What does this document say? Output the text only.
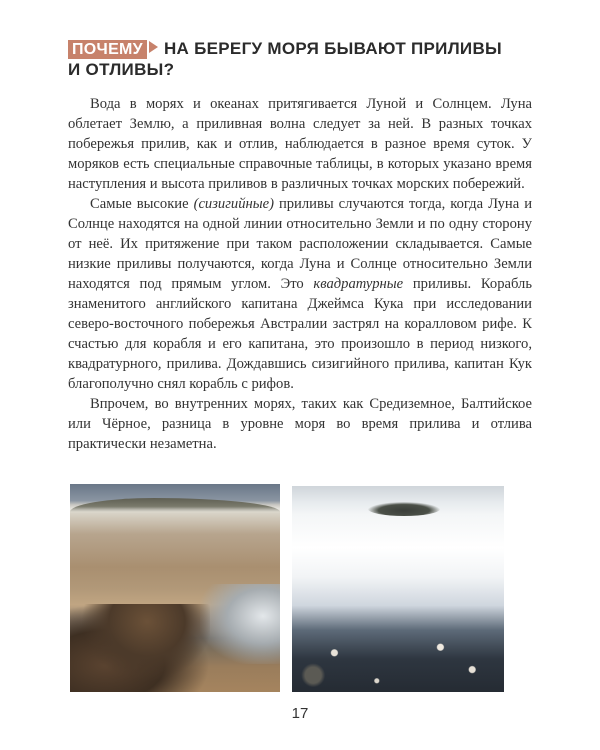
ПОЧЕМУ НА БЕРЕГУ МОРЯ БЫВАЮТ ПРИЛИВЫ
И ОТЛИВЫ?

Вода в морях и океанах притягивается Луной и Солнцем. Луна облетает Землю, а приливная волна следует за ней. В разных точках побережья прилив, как и отлив, наблюдается в разное время суток. У моряков есть специальные справочные таблицы, в которых указано время наступления и высота приливов в различных точках морских побережий.

Самые высокие (сизигийные) приливы случаются тогда, когда Луна и Солнце находятся на одной линии относительно Земли и по одну сторону от неё. Их притяжение при таком расположении складывается. Самые низкие приливы получаются, когда Луна и Солнце относительно Земли находятся под прямым углом. Это квадратурные приливы. Корабль знаменитого английского капитана Джеймса Кука при исследовании северо-восточного побережья Австралии застрял на коралловом рифе. К счастью для корабля и его капитана, это произошло в период низкого, квадратурного, прилива. Дождавшись сизигийного прилива, капитан Кук благополучно снял корабль с рифов.

Впрочем, во внутренних морях, таких как Средиземное, Балтийское или Чёрное, разница в уровне моря во время прилива и отлива практически незаметна.

17
